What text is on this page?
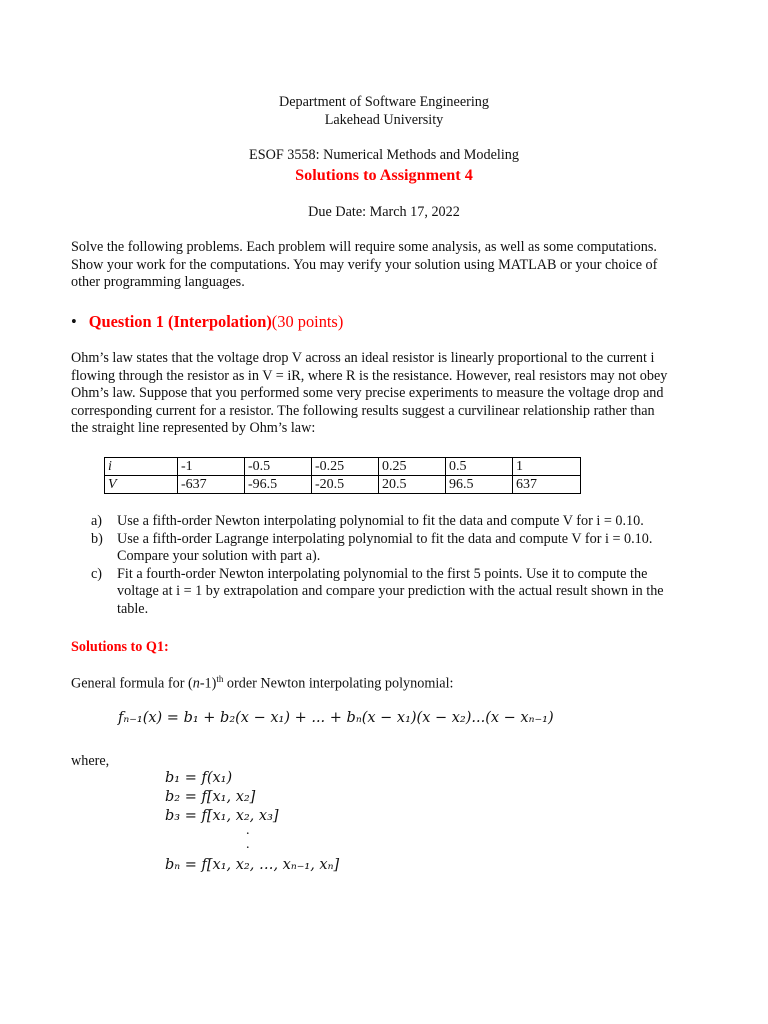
Department of Software Engineering
Lakehead University
ESOF 3558: Numerical Methods and Modeling
Solutions to Assignment 4
Due Date: March 17, 2022
Solve the following problems. Each problem will require some analysis, as well as some computations.
Show your work for the computations. You may verify your solution using MATLAB or your choice of
other programming languages.
• Question 1 (Interpolation)(30 points)
Ohm’s law states that the voltage drop V across an ideal resistor is linearly proportional to the current i
flowing through the resistor as in V = iR, where R is the resistance. However, real resistors may not obey
Ohm’s law. Suppose that you performed some very precise experiments to measure the voltage drop and
corresponding current for a resistor. The following results suggest a curvilinear relationship rather than
the straight line represented by Ohm’s law:
i	-1	-0.5	-0.25	0.25	0.5	1
V	-637	-96.5	-20.5	20.5	96.5	637
a) Use a fifth-order Newton interpolating polynomial to fit the data and compute V for i = 0.10.
b) Use a fifth-order Lagrange interpolating polynomial to fit the data and compute V for i = 0.10.
Compare your solution with part a).
c) Fit a fourth-order Newton interpolating polynomial to the first 5 points. Use it to compute the
voltage at i = 1 by extrapolation and compare your prediction with the actual result shown in the
table.
Solutions to Q1:
General formula for $(n-1)^{th}$ order Newton interpolating polynomial:
fₙ₋₁(x) = b₁ + b₂(x − x₁) + ... + bₙ(x − x₁)(x − x₂)...(x − xₙ₋₁)
where,
b₁ = f(x₁)
b₂ = f[x₁, x₂]
b₃ = f[x₁, x₂, x₃]
.
.
bₙ = f[x₁, x₂, …, xₙ₋₁, xₙ]
